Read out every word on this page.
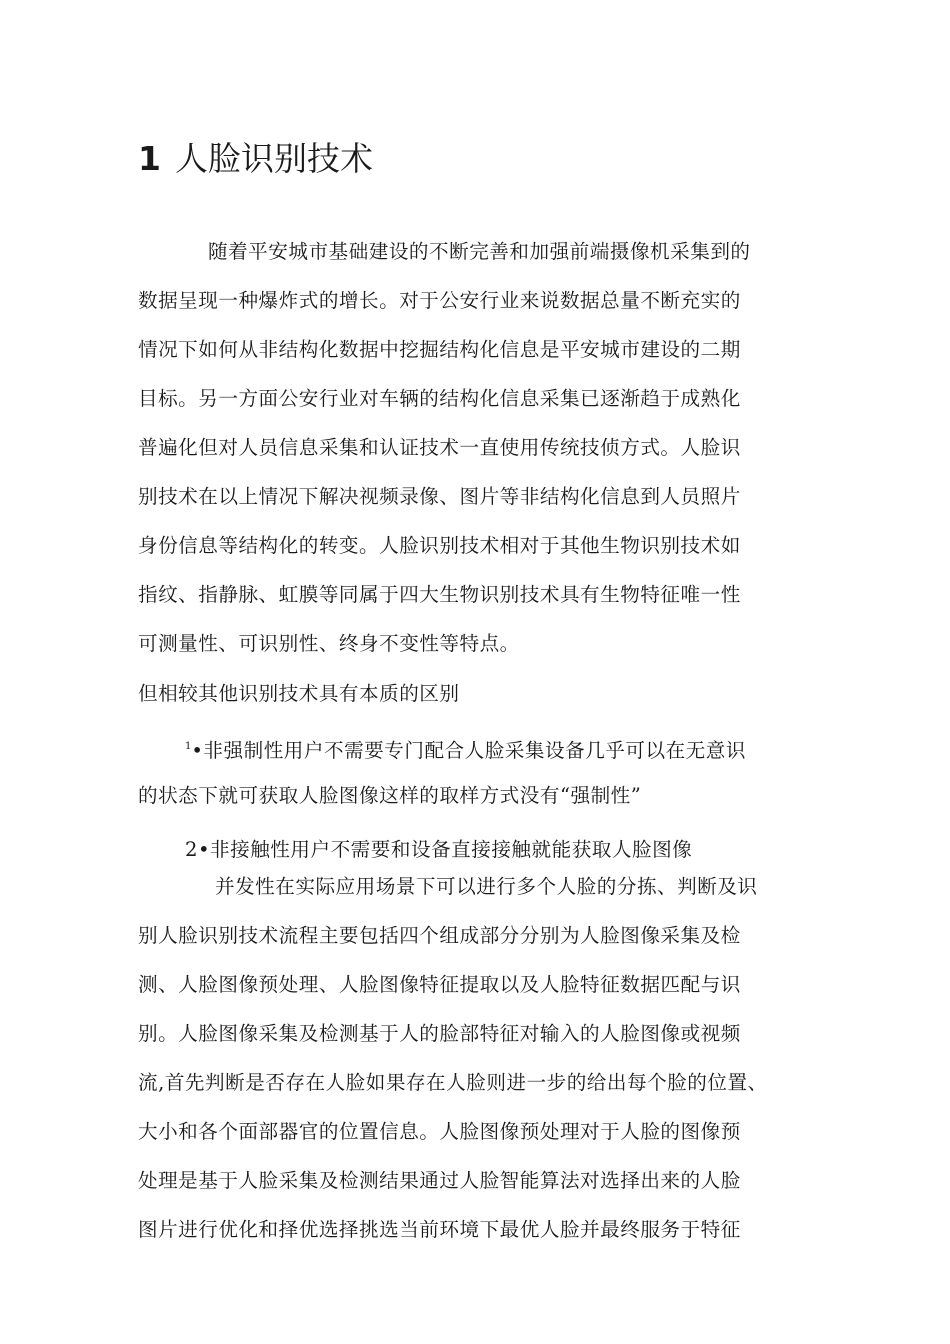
1 人脸识别技术
随着平安城市基础建设的不断完善和加强前端摄像机采集到的
数据呈现一种爆炸式的增长。对于公安行业来说数据总量不断充实的
情况下如何从非结构化数据中挖掘结构化信息是平安城市建设的二期
目标。另一方面公安行业对车辆的结构化信息采集已逐渐趋于成熟化
普遍化但对人员信息采集和认证技术一直使用传统技侦方式。人脸识
别技术在以上情况下解决视频录像、图片等非结构化信息到人员照片
身份信息等结构化的转变。人脸识别技术相对于其他生物识别技术如
指纹、指静脉、虹膜等同属于四大生物识别技术具有生物特征唯一性
可测量性、可识别性、终身不变性等特点。
但相较其他识别技术具有本质的区别
$^1$•非强制性用户不需要专门配合人脸采集设备几乎可以在无意识
的状态下就可获取人脸图像这样的取样方式没有“强制性”
2•非接触性用户不需要和设备直接接触就能获取人脸图像
并发性在实际应用场景下可以进行多个人脸的分拣、判断及识
别人脸识别技术流程主要包括四个组成部分分别为人脸图像采集及检
测、人脸图像预处理、人脸图像特征提取以及人脸特征数据匹配与识
别。人脸图像采集及检测基于人的脸部特征对输入的人脸图像或视频
流,首先判断是否存在人脸如果存在人脸则进一步的给出每个脸的位置、
大小和各个面部器官的位置信息。人脸图像预处理对于人脸的图像预
处理是基于人脸采集及检测结果通过人脸智能算法对选择出来的人脸
图片进行优化和择优选择挑选当前环境下最优人脸并最终服务于特征
